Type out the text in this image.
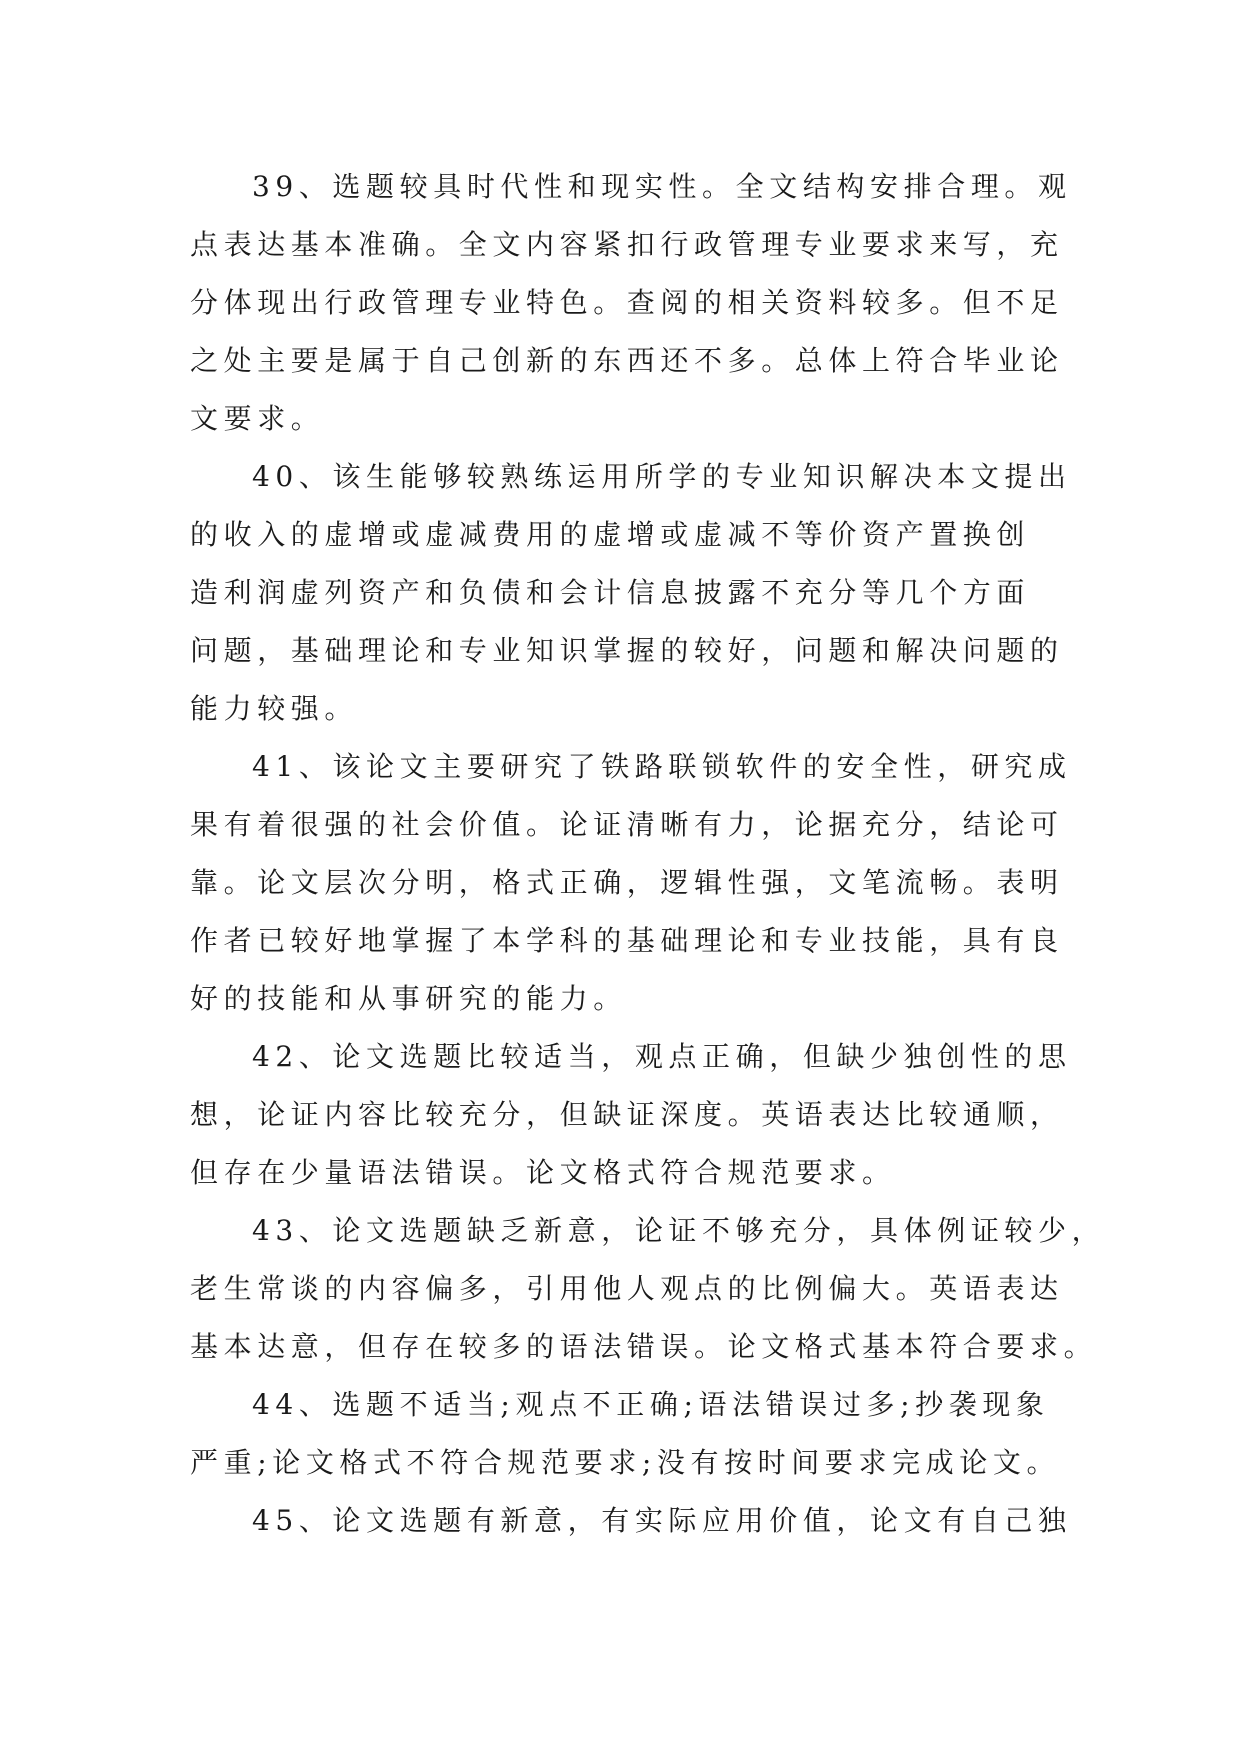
39、选题较具时代性和现实性。全文结构安排合理。观
点表达基本准确。全文内容紧扣行政管理专业要求来写，充
分体现出行政管理专业特色。查阅的相关资料较多。但不足
之处主要是属于自己创新的东西还不多。总体上符合毕业论
文要求。
40、该生能够较熟练运用所学的专业知识解决本文提出
的收入的虚增或虚减费用的虚增或虚减不等价资产置换创
造利润虚列资产和负债和会计信息披露不充分等几个方面
问题，基础理论和专业知识掌握的较好，问题和解决问题的
能力较强。
41、该论文主要研究了铁路联锁软件的安全性，研究成
果有着很强的社会价值。论证清晰有力，论据充分，结论可
靠。论文层次分明，格式正确，逻辑性强，文笔流畅。表明
作者已较好地掌握了本学科的基础理论和专业技能，具有良
好的技能和从事研究的能力。
42、论文选题比较适当，观点正确，但缺少独创性的思
想，论证内容比较充分，但缺证深度。英语表达比较通顺，
但存在少量语法错误。论文格式符合规范要求。
43、论文选题缺乏新意，论证不够充分，具体例证较少，
老生常谈的内容偏多，引用他人观点的比例偏大。英语表达
基本达意，但存在较多的语法错误。论文格式基本符合要求。
44、选题不适当;观点不正确;语法错误过多;抄袭现象
严重;论文格式不符合规范要求;没有按时间要求完成论文。
45、论文选题有新意，有实际应用价值，论文有自己独
